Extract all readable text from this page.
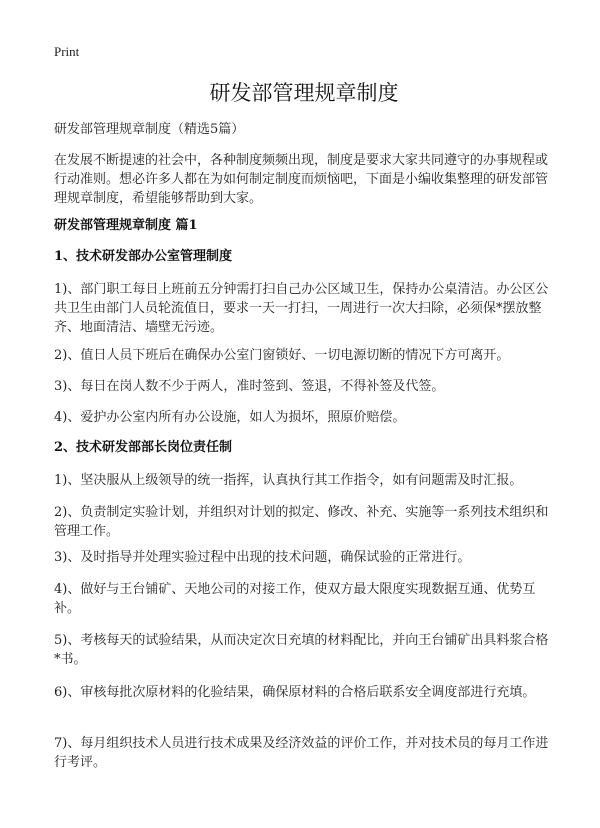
Print
研发部管理规章制度
研发部管理规章制度（精选5篇）

在发展不断提速的社会中，各种制度频频出现，制度是要求大家共同遵守的办事规程或行动准则。想必许多人都在为如何制定制度而烦恼吧，下面是小编收集整理的研发部管理规章制度，希望能够帮助到大家。

研发部管理规章制度 篇1
1、技术研发部办公室管理制度

1)、部门职工每日上班前五分钟需打扫自己办公区域卫生，保持办公桌清洁。办公区公共卫生由部门人员轮流值日，要求一天一打扫，一周进行一次大扫除，必须保*摆放整齐、地面清洁、墙壁无污迹。

2)、值日人员下班后在确保办公室门窗锁好、一切电源切断的情况下方可离开。

3)、每日在岗人数不少于两人，准时签到、签退，不得补签及代签。

4)、爱护办公室内所有办公设施，如人为损坏，照原价赔偿。

2、技术研发部部长岗位责任制

1)、坚决服从上级领导的统一指挥，认真执行其工作指令，如有问题需及时汇报。

2)、负责制定实验计划，并组织对计划的拟定、修改、补充、实施等一系列技术组织和管理工作。

3)、及时指导并处理实验过程中出现的技术问题，确保试验的正常进行。

4)、做好与王台铺矿、天地公司的对接工作，使双方最大限度实现数据互通、优势互补。

5)、考核每天的试验结果，从而决定次日充填的材料配比，并向王台铺矿出具料浆合格*书。

6)、审核每批次原材料的化验结果，确保原材料的合格后联系安全调度部进行充填。

7)、每月组织技术人员进行技术成果及经济效益的评价工作，并对技术员的每月工作进行考评。
